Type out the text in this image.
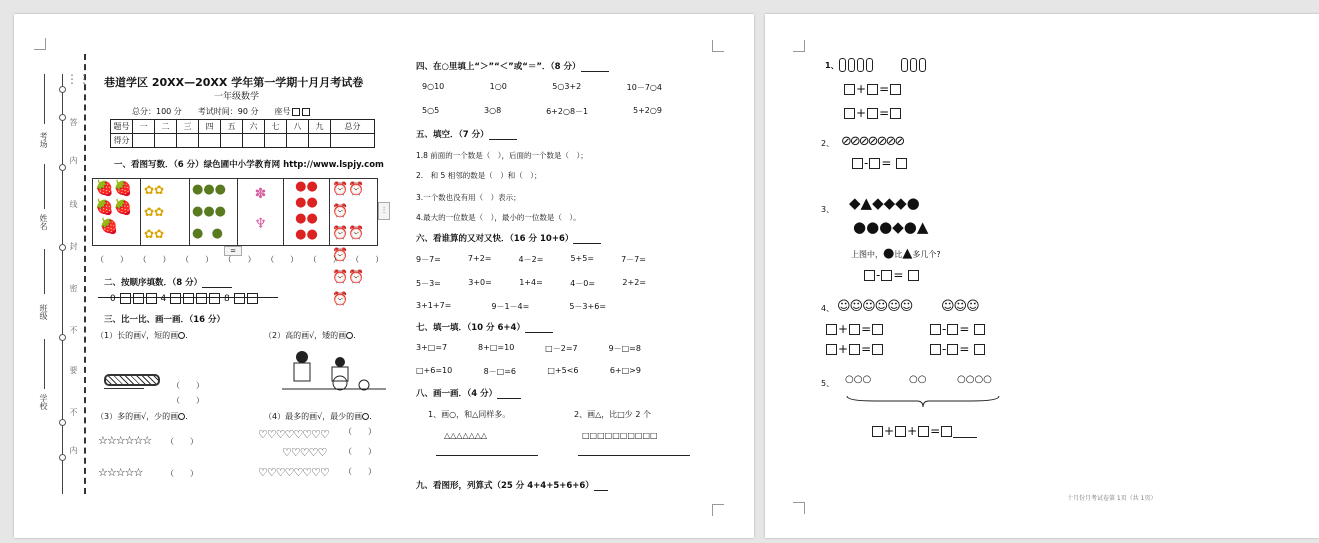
⋮⋮
考场
姓名
班级
学校
答
内
线
封
密
不
要
不
内
巷道学区 20XX—20XX 学年第一学期十月月考试卷
一年级数学
总分：100 分　　考试时间：90 分　　座号
题号	一	二	三	四	五	六	七	八	九	总分
得分										
一、看图写数．（6 分）绿色圃中小学教育网 http://www.lspjy.com
🍓🍓
🍓🍓
🍓
✿✿
✿✿
✿✿
●●●
●●●
●  ●
✽
♆
●●
●●
●●
●●
⏰⏰⏰
⏰⏰⏰
⏰⏰⏰
⫶
=
（　　） （　　） （　　） （　　） （　　） （　　） （　　）
二、按顺序填数．（8 分）
0	4	8
三、比一比、画一画．（16 分）
（1）长的画√，短的画 ．	（2）高的画√，矮的画 ．
（　　）
（　　）
（3）多的画√，少的画 ．	（4）最多的画√，最少的画 ．
☆☆☆☆☆☆ （　　）
☆☆☆☆☆	（　　）
♡♡♡♡♡♡♡♡ （　　）
♡♡♡♡♡ （　　）
♡♡♡♡♡♡♡♡ （　　）
四、在○里填上“＞”“＜”或“＝”．（8 分）
9○10	1○0	5○3+2	10－7○4
5○5	3○8	6+2○8－1	5+2○9
五、填空．（7 分）
1.8 前面的一个数是（　），后面的一个数是（　）；
2.　和 5 相邻的数是（　）和（　）；
3.一个数也没有用（　）表示；
4.最大的一位数是（　），最小的一位数是（　）。
六、看谁算的又对又快．（16 分 10+6）
9－7=	7+2=	4－2=	5+5=	7－7=
5－3=	3+0=	1+4=	4－0=	2+2=
3+1+7=	9－1－4=	5－3+6=
七、填一填．（10 分 6+4）
3+□=7	8+□=10	□－2=7	9－□=8
□+6=10	8－□=6	□+5<6	6+□>9
八、画一画．（4 分）
1、画○，和△同样多。	2、画△，比□少 2 个
△△△△△△△	□□□□□□□□□□
九、看图形，列算式（25 分 4+4+5+6+6）
1、

+ =
+ =
2、 ⊘⊘⊘⊘⊘⊘⊘
- =
3、 ◆▲◆◆◆●
●●●◆●▲
上图中，●比▲多几个?
- =
4、 ☺☺☺☺☺☺ ☺☺☺
+ =
+ =
- =
- =
5、 ○○○	○○	○○○○
+ + =
十月份月考试卷第 1页（共 1页）
